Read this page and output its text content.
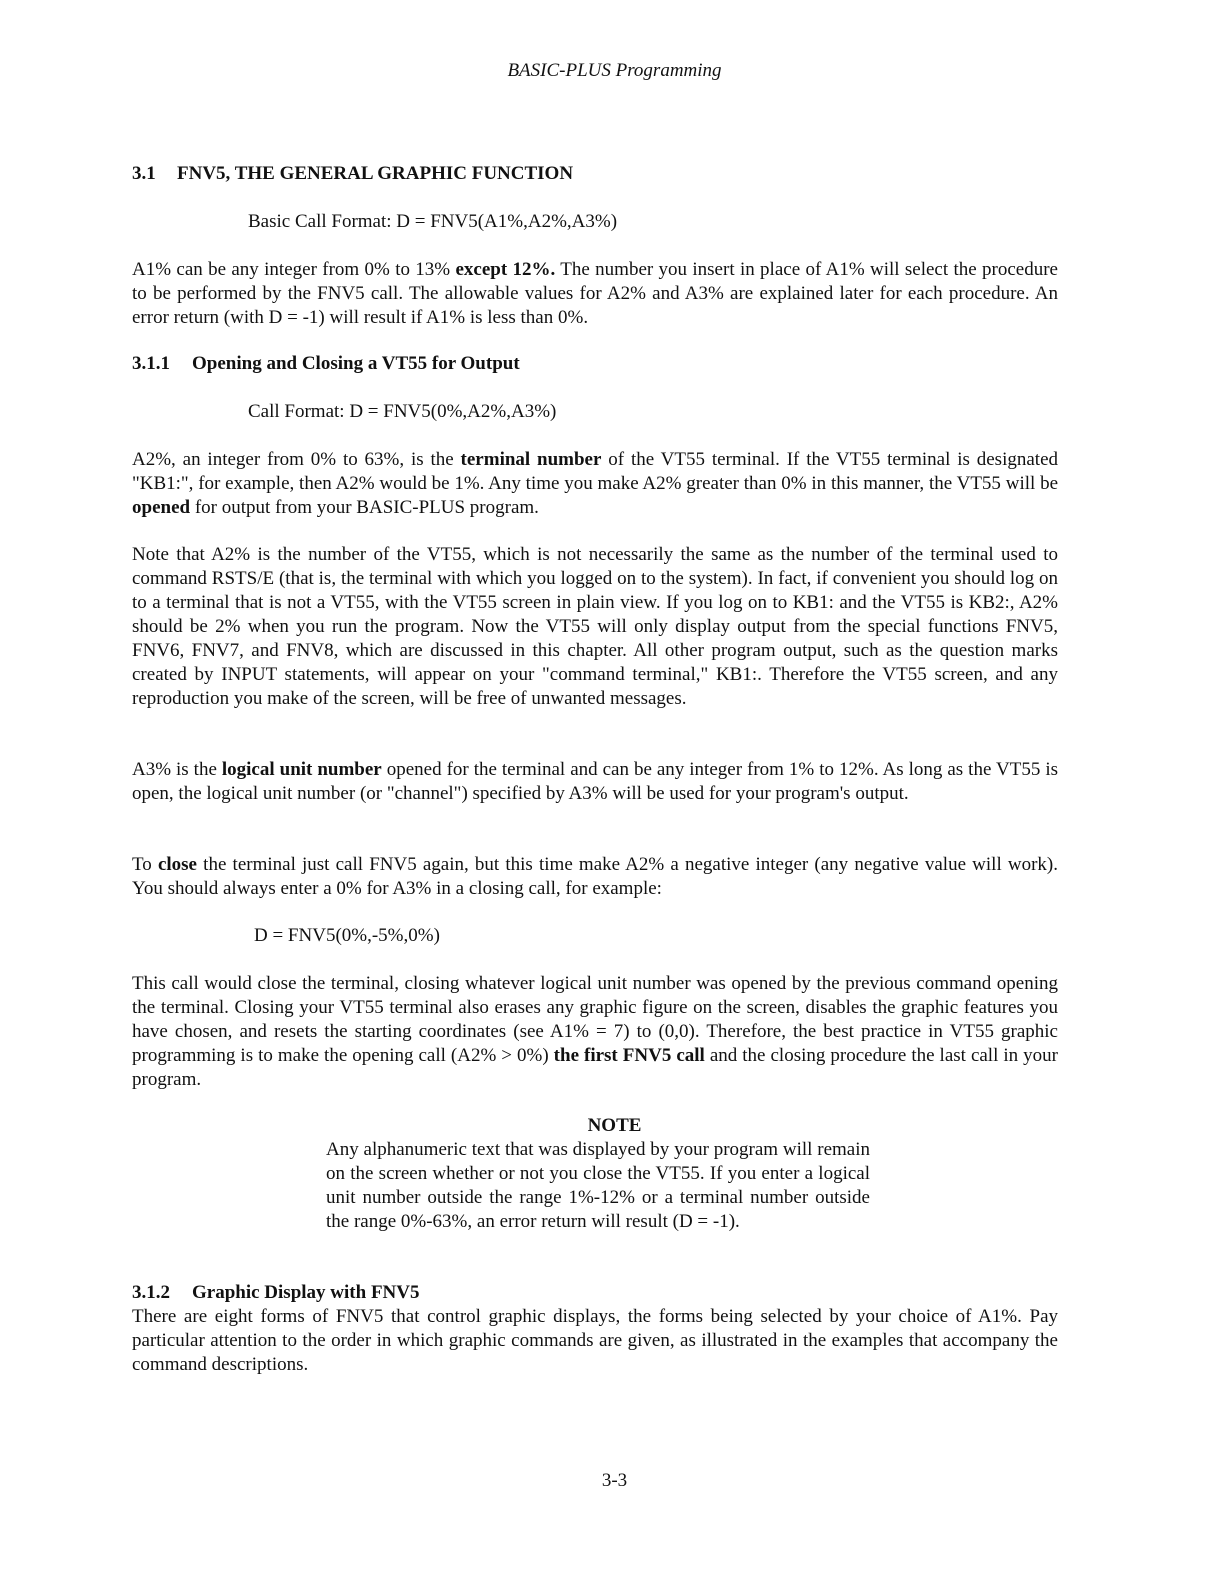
BASIC-PLUS Programming

3.1 FNV5, THE GENERAL GRAPHIC FUNCTION

Basic Call Format: D = FNV5(A1%,A2%,A3%)

A1% can be any integer from 0% to 13% except 12%. The number you insert in place of A1% will select the procedure to be performed by the FNV5 call. The allowable values for A2% and A3% are explained later for each procedure. An error return (with D = -1) will result if A1% is less than 0%.

3.1.1 Opening and Closing a VT55 for Output

Call Format: D = FNV5(0%,A2%,A3%)

A2%, an integer from 0% to 63%, is the terminal number of the VT55 terminal. If the VT55 terminal is designated "KB1:", for example, then A2% would be 1%. Any time you make A2% greater than 0% in this manner, the VT55 will be opened for output from your BASIC-PLUS program.

Note that A2% is the number of the VT55, which is not necessarily the same as the number of the terminal used to command RSTS/E (that is, the terminal with which you logged on to the system). In fact, if convenient you should log on to a terminal that is not a VT55, with the VT55 screen in plain view. If you log on to KB1: and the VT55 is KB2:, A2% should be 2% when you run the program. Now the VT55 will only display output from the special functions FNV5, FNV6, FNV7, and FNV8, which are discussed in this chapter. All other program output, such as the question marks created by INPUT statements, will appear on your "command terminal," KB1:. Therefore the VT55 screen, and any reproduction you make of the screen, will be free of unwanted messages.

A3% is the logical unit number opened for the terminal and can be any integer from 1% to 12%. As long as the VT55 is open, the logical unit number (or "channel") specified by A3% will be used for your program's output.

To close the terminal just call FNV5 again, but this time make A2% a negative integer (any negative value will work). You should always enter a 0% for A3% in a closing call, for example:

D = FNV5(0%,-5%,0%)

This call would close the terminal, closing whatever logical unit number was opened by the previous command opening the terminal. Closing your VT55 terminal also erases any graphic figure on the screen, disables the graphic features you have chosen, and resets the starting coordinates (see A1% = 7) to (0,0). Therefore, the best practice in VT55 graphic programming is to make the opening call (A2% > 0%) the first FNV5 call and the closing procedure the last call in your program.

NOTE

Any alphanumeric text that was displayed by your program will remain on the screen whether or not you close the VT55. If you enter a logical unit number outside the range 1%-12% or a terminal number outside the range 0%-63%, an error return will result (D = -1).

3.1.2 Graphic Display with FNV5

There are eight forms of FNV5 that control graphic displays, the forms being selected by your choice of A1%. Pay particular attention to the order in which graphic commands are given, as illustrated in the examples that accompany the command descriptions.

3-3
